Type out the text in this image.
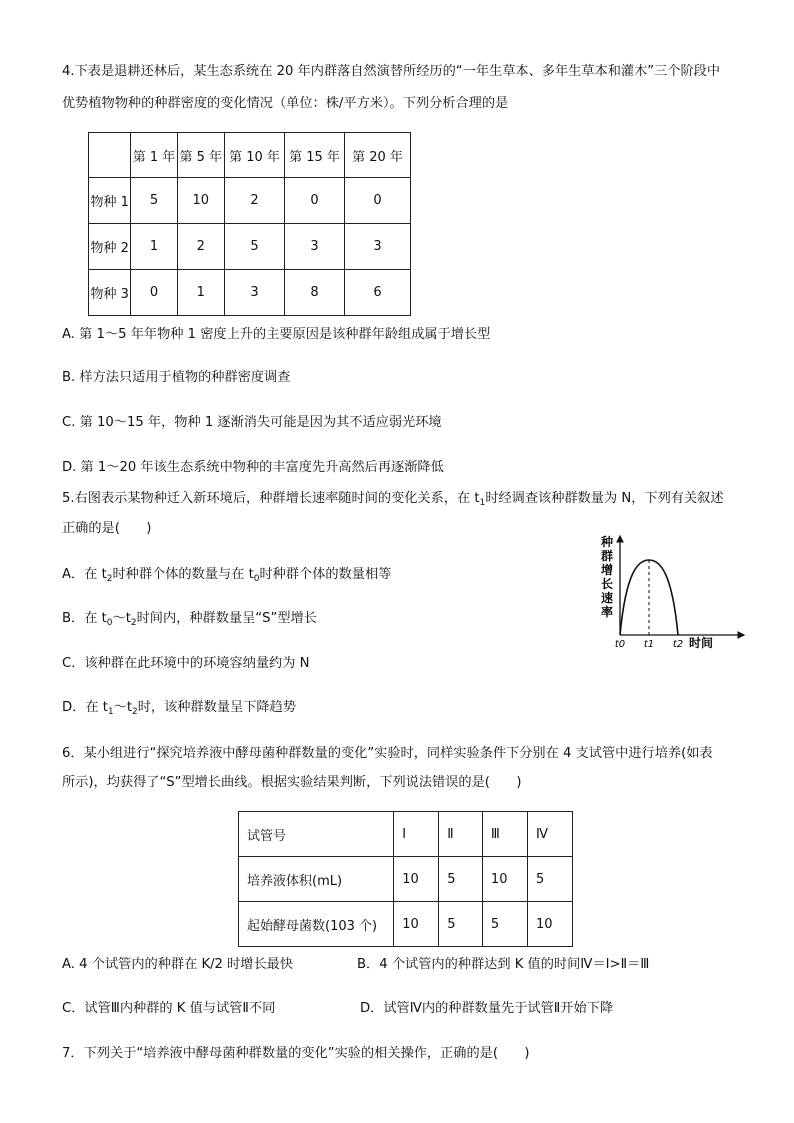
4.下表是退耕还林后，某生态系统在 20 年内群落自然演替所经历的“一年生草本、多年生草本和灌木”三个阶段中
优势植物物种的种群密度的变化情况（单位：株/平方米）。下列分析合理的是
	第 1 年	第 5 年	第 10 年	第 15 年	第 20 年
物种 1	5	10	2	0	0
物种 2	1	2	5	3	3
物种 3	0	1	3	8	6
A. 第 1～5 年年物种 1 密度上升的主要原因是该种群年龄组成属于增长型
B. 样方法只适用于植物的种群密度调查
C. 第 10～15 年，物种 1 逐渐消失可能是因为其不适应弱光环境
D. 第 1～20 年该生态系统中物种的丰富度先升高然后再逐渐降低
5.右图表示某物种迁入新环境后，种群增长速率随时间的变化关系，在 $t_1$时经调查该种群数量为 N，下列有关叙述
正确的是(　　)
A．在 $t_2$时种群个体的数量与在 $t_0$时种群个体的数量相等
B．在 $t_0\sim t_2$时间内，种群数量呈“S”型增长
C．该种群在此环境中的环境容纳量约为 N
D．在 $t_1\sim t_2$时，该种群数量呈下降趋势
种
群
增
长
速
率
t0 t1 t2 时间
6．某小组进行“探究培养液中酵母菌种群数量的变化”实验时，同样实验条件下分别在 4 支试管中进行培养(如表
所示)，均获得了“S”型增长曲线。根据实验结果判断，下列说法错误的是(　　)
试管号	Ⅰ	Ⅱ	Ⅲ	Ⅳ
培养液体积(mL)	10	5	10	5
起始酵母菌数(103 个)	10	5	5	10
A. 4 个试管内的种群在 K/2 时增长最快	B．4 个试管内的种群达到 K 值的时间Ⅳ＝Ⅰ>Ⅱ＝Ⅲ
C．试管Ⅲ内种群的 K 值与试管Ⅱ不同	D．试管Ⅳ内的种群数量先于试管Ⅱ开始下降
7．下列关于“培养液中酵母菌种群数量的变化”实验的相关操作，正确的是(　　)
